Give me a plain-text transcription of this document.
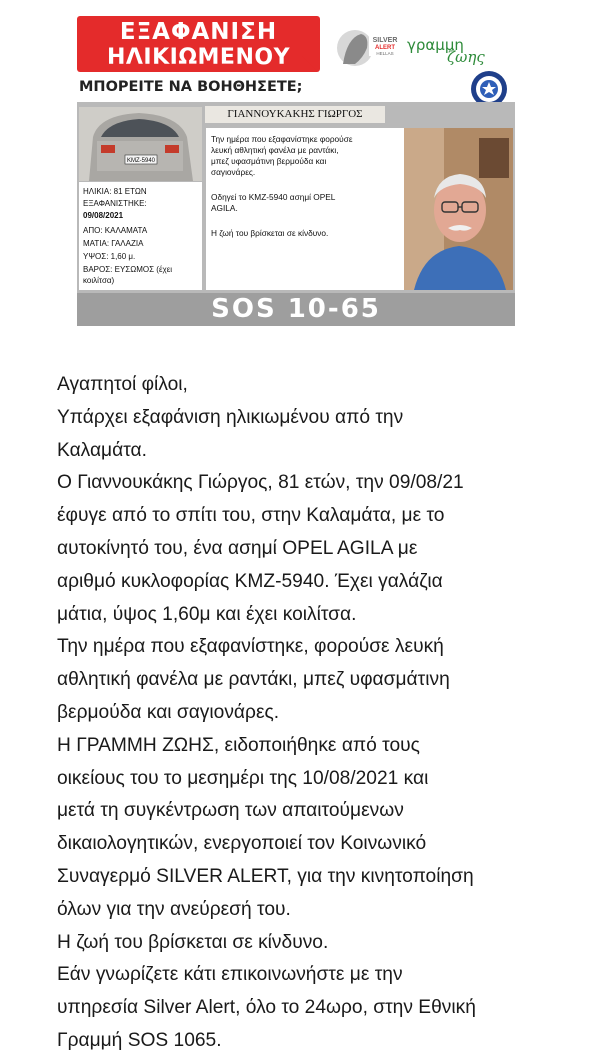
ΕΞΑΦΑΝΙΣΗ
ΗΛΙΚΙΩΜΕΝΟΥ
ΜΠΟΡΕΙΤΕ ΝΑ ΒΟΗΘΗΣΕΤΕ;
SILVER
ALERT
HELLAS γραμμη
ζωης
ΓΙΑΝΝΟΥΚΑΚΗΣ ΓΙΩΡΓΟΣ
KMZ-5940
ΗΛΙΚΙΑ: 81 ΕΤΩΝ
ΕΞΑΦΑΝΙΣΤΗΚΕ:
09/08/2021
ΑΠΟ: ΚΑΛΑΜΑΤΑ
ΜΑΤΙΑ: ΓΑΛΑΖΙΑ
ΥΨΟΣ: 1,60 μ.
ΒΑΡΟΣ: ΕΥΣΩΜΟΣ (έχει
κοιλίτσα)
Την ημέρα που εξαφανίστηκε φορούσε
λευκή αθλητική φανέλα με ραντάκι,
μπεζ υφασμάτινη βερμούδα και
σαγιονάρες.
Οδηγεί το KMZ-5940 ασημί OPEL
AGILA.
Η ζωή του βρίσκεται σε κίνδυνο.
SOS 10-65
Αγαπητοί φίλοι,
Υπάρχει εξαφάνιση ηλικιωμένου από την
Καλαμάτα.
Ο Γιαννουκάκης Γιώργος, 81 ετών, την 09/08/21
έφυγε από το σπίτι του, στην Καλαμάτα, με το
αυτοκίνητό του, ένα ασημί OPEL AGILA με
αριθμό κυκλοφορίας KMZ-5940. Έχει γαλάζια
μάτια, ύψος 1,60μ και έχει κοιλίτσα.
Την ημέρα που εξαφανίστηκε, φορούσε λευκή
αθλητική φανέλα με ραντάκι, μπεζ υφασμάτινη
βερμούδα και σαγιονάρες.
Η ΓΡΑΜΜΗ ΖΩΗΣ, ειδοποιήθηκε από τους
οικείους του το μεσημέρι της 10/08/2021 και
μετά τη συγκέντρωση των απαιτούμενων
δικαιολογητικών, ενεργοποιεί τον Κοινωνικό
Συναγερμό SILVER ALERT, για την κινητοποίηση
όλων για την ανεύρεσή του.
Η ζωή του βρίσκεται σε κίνδυνο.
Εάν γνωρίζετε κάτι επικοινωνήστε με την
υπηρεσία Silver Alert, όλο το 24ωρο, στην Εθνική
Γραμμή SOS 1065.
